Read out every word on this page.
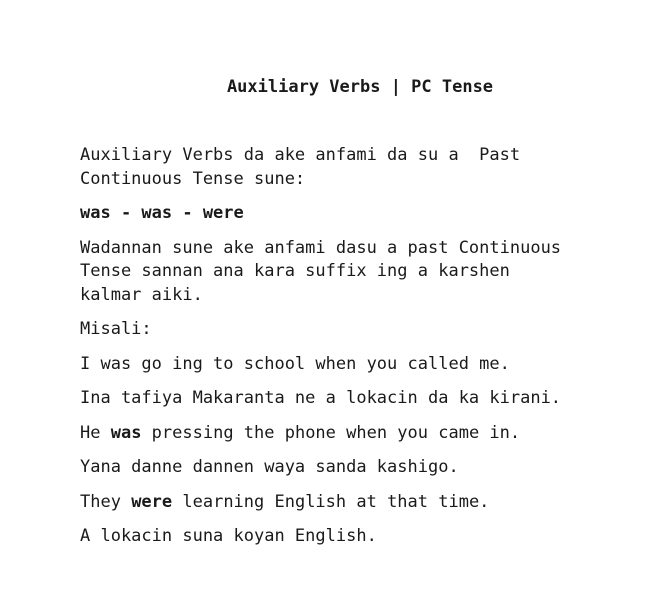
Auxiliary Verbs | PC Tense

Auxiliary Verbs da ake anfami da su a  Past
Continuous Tense sune:

was - was - were

Wadannan sune ake anfami dasu a past Continuous
Tense sannan ana kara suffix ing a karshen
kalmar aiki.

Misali:

I was go ing to school when you called me.

Ina tafiya Makaranta ne a lokacin da ka kirani.

He was pressing the phone when you came in.

Yana danne dannen waya sanda kashigo.

They were learning English at that time.

A lokacin suna koyan English.
